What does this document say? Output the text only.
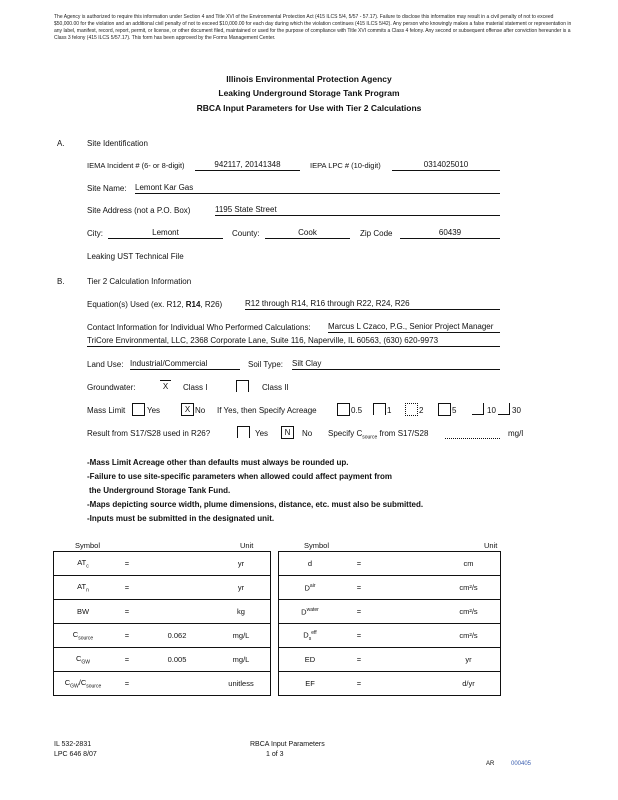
The Agency is authorized to require this information under Section 4 and Title XVI of the Environmental Protection Act (415 ILCS 5/4, 5/57 - 57.17). Failure to disclose this information may result in a civil penalty of not to exceed $50,000.00 for the violation and an additional civil penalty of not to exceed $10,000.00 for each day during which the violation continues (415 ILCS 5/42). Any person who knowingly makes a false material statement or representation in any label, manifest, record, report, permit, or license, or other document filed, maintained or used for the purpose of compliance with Title XVI commits a Class 4 felony. Any second or subsequent offense after conviction hereunder is a Class 3 felony (415 ILCS 5/57.17). This form has been approved by the Forms Management Center.
Illinois Environmental Protection Agency
Leaking Underground Storage Tank Program
RBCA Input Parameters for Use with Tier 2 Calculations
A.	Site Identification
IEMA Incident # (6- or 8-digit)	942117, 20141348	IEPA LPC # (10-digit)	0314025010
Site Name: Lemont Kar Gas
Site Address (not a P.O. Box)	1195 State Street
City:	Lemont	County:	Cook	Zip Code	60439
Leaking UST Technical File
B.	Tier 2 Calculation Information
Equation(s) Used (ex. R12, R14, R26)	R12 through R14, R16 through R22, R24, R26
Contact Information for Individual Who Performed Calculations: Marcus L Czaco, P.G., Senior Project Manager
TriCore Environmental, LLC, 2368 Corporate Lane, Suite 116, Naperville, IL 60563, (630) 620-9973
Land Use: Industrial/Commercial	Soil Type: Silt Clay
Groundwater:	X	Class I	Class II
Mass Limit	Yes	X No If Yes, then Specify Acreage	0.5	1	2	5	10 30
Result from S17/S28 used in R26?	Yes	N	No Specify $C_{source}$ from S17/S28	mg/l
-Mass Limit Acreage other than defaults must always be rounded up.
-Failure to use site-specific parameters when allowed could affect payment from
the Underground Storage Tank Fund.
-Maps depicting source width, plume dimensions, distance, etc. must also be submitted.
-Inputs must be submitted in the designated unit.
Symbol	Unit	Symbol	Unit
$AT_c$	=		yr
$AT_n$	=		yr
BW	=		kg
$C_{source}$	=	0.062	mg/L
$C_{GW}$	=	0.005	mg/L
$C_{GW}/C_{source}$	=		unitless
d	=		cm
$D^{air}$	=		cm²/s
$D^{water}$	=		cm²/s
$D_s^{eff}$	=		cm²/s
ED	=		yr
EF	=		d/yr
IL 532-2831
LPC 646 8/07
RBCA Input Parameters
1 of 3
AR	000405
